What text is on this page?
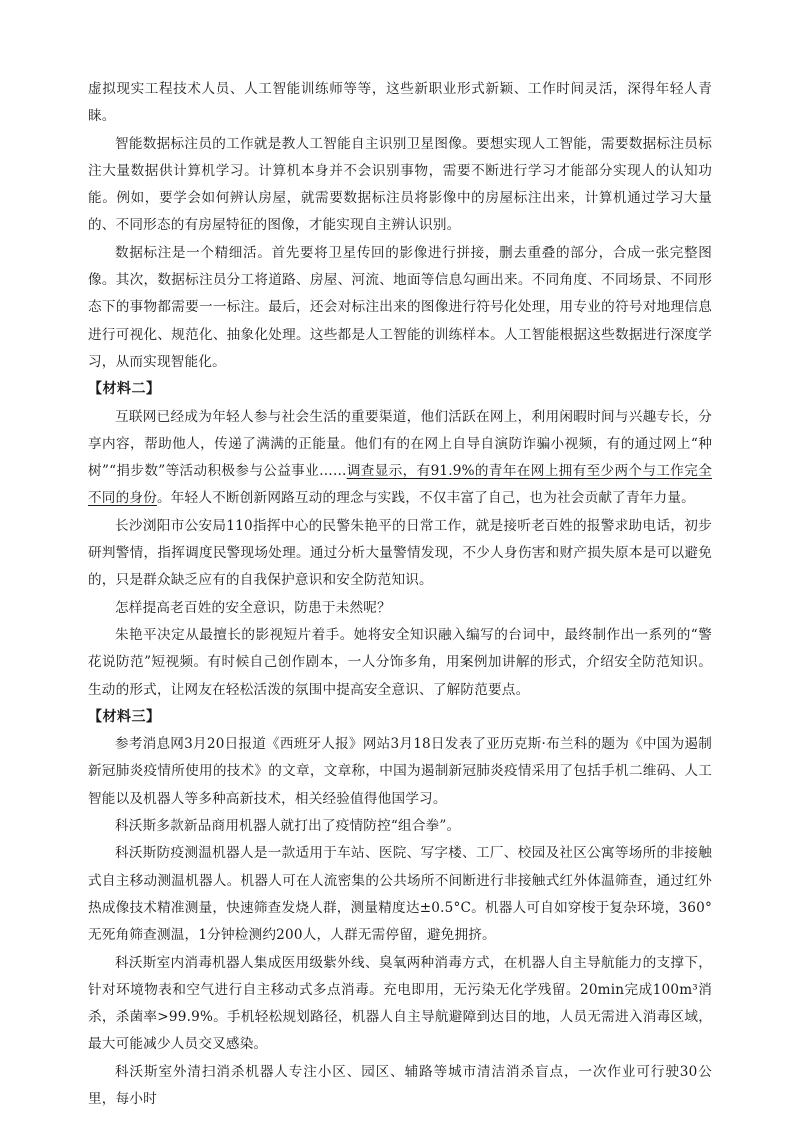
虚拟现实工程技术人员、人工智能训练师等等，这些新职业形式新颖、工作时间灵活，深得年轻人青睐。

智能数据标注员的工作就是教人工智能自主识别卫星图像。要想实现人工智能，需要数据标注员标注大量数据供计算机学习。计算机本身并不会识别事物，需要不断进行学习才能部分实现人的认知功能。例如，要学会如何辨认房屋，就需要数据标注员将影像中的房屋标注出来，计算机通过学习大量的、不同形态的有房屋特征的图像，才能实现自主辨认识别。

数据标注是一个精细活。首先要将卫星传回的影像进行拼接，删去重叠的部分，合成一张完整图像。其次，数据标注员分工将道路、房屋、河流、地面等信息勾画出来。不同角度、不同场景、不同形态下的事物都需要一一标注。最后，还会对标注出来的图像进行符号化处理，用专业的符号对地理信息进行可视化、规范化、抽象化处理。这些都是人工智能的训练样本。人工智能根据这些数据进行深度学习，从而实现智能化。

【材料二】

互联网已经成为年轻人参与社会生活的重要渠道，他们活跃在网上，利用闲暇时间与兴趣专长，分享内容，帮助他人，传递了满满的正能量。他们有的在网上自导自演防诈骗小视频，有的通过网上“种树”“捐步数”等活动积极参与公益事业……调查显示，有91.9%的青年在网上拥有至少两个与工作完全不同的身份。年轻人不断创新网路互动的理念与实践，不仅丰富了自己，也为社会贡献了青年力量。

长沙浏阳市公安局110指挥中心的民警朱艳平的日常工作，就是接听老百姓的报警求助电话，初步研判警情，指挥调度民警现场处理。通过分析大量警情发现，不少人身伤害和财产损失原本是可以避免的，只是群众缺乏应有的自我保护意识和安全防范知识。

怎样提高老百姓的安全意识，防患于未然呢？

朱艳平决定从最擅长的影视短片着手。她将安全知识融入编写的台词中，最终制作出一系列的“警花说防范”短视频。有时候自己创作剧本，一人分饰多角，用案例加讲解的形式，介绍安全防范知识。生动的形式，让网友在轻松活泼的氛围中提高安全意识、了解防范要点。

【材料三】

参考消息网3月20日报道《西班牙人报》网站3月18日发表了亚历克斯·布兰科的题为《中国为遏制新冠肺炎疫情所使用的技术》的文章，文章称，中国为遏制新冠肺炎疫情采用了包括手机二维码、人工智能以及机器人等多种高新技术，相关经验值得他国学习。

科沃斯多款新品商用机器人就打出了疫情防控“组合拳”。

科沃斯防疫测温机器人是一款适用于车站、医院、写字楼、工厂、校园及社区公寓等场所的非接触式自主移动测温机器人。机器人可在人流密集的公共场所不间断进行非接触式红外体温筛查，通过红外热成像技术精准测量，快速筛查发烧人群，测量精度达±0.5°C。机器人可自如穿梭于复杂环境，360°无死角筛查测温，1分钟检测约200人，人群无需停留，避免拥挤。

科沃斯室内消毒机器人集成医用级紫外线、臭氧两种消毒方式，在机器人自主导航能力的支撑下，针对环境物表和空气进行自主移动式多点消毒。充电即用，无污染无化学残留。20min完成100m³消杀，杀菌率>99.9%。手机轻松规划路径，机器人自主导航避障到达目的地，人员无需进入消毒区域，最大可能减少人员交叉感染。

科沃斯室外清扫消杀机器人专注小区、园区、辅路等城市清洁消杀盲点，一次作业可行驶30公里，每小时
